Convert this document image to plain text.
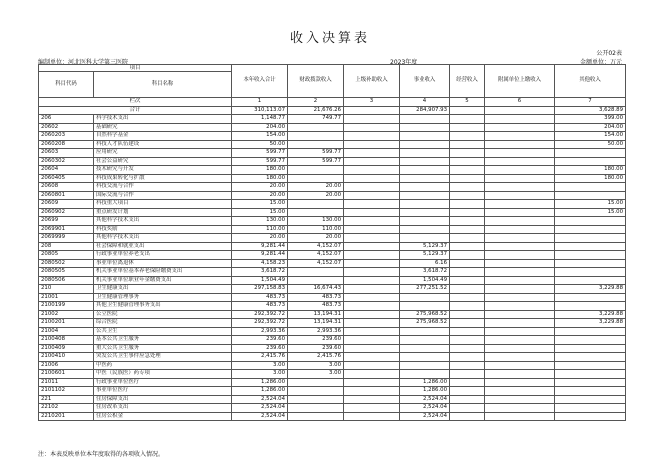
收入决算表
公开02表
编制单位：河北医科大学第三医院	2023年度	金额单位：万元
项目		本年收入合计	财政拨款收入	上级补助收入	事业收入	经营收入	附属单位上缴收入	其他收入
科目代码	科目名称							
栏次		1	2	3	4	5	6	7
合计		310,113.07	21,676.26		284,907.93			3,628.89
206	科学技术支出	1,148.77	749.77					399.00
20602	基础研究	204.00						204.00
2060203	自然科学基金	154.00						154.00
2060208	科技人才队伍建设	50.00						50.00
20603	应用研究	599.77	599.77					
2060302	社会公益研究	599.77	599.77					
20604	技术研究与开发	180.00						180.00
2060405	科技成果转化与扩散	180.00						180.00
20608	科技交流与合作	20.00	20.00					
2060801	国际交流与合作	20.00	20.00					
20609	科技重大项目	15.00						15.00
2060902	重点研发计划	15.00						15.00
20699	其他科学技术支出	130.00	130.00					
2069901	科技奖励	110.00	110.00					
2069999	其他科学技术支出	20.00	20.00					
208	社会保障和就业支出	9,281.44	4,152.07		5,129.37			
20805	行政事业单位养老支出	9,281.44	4,152.07		5,129.37			
2080502	事业单位离退休	4,158.23	4,152.07		6.16			
2080505	机关事业单位基本养老保险缴费支出	3,618.72			3,618.72			
2080506	机关事业单位职业年金缴费支出	1,504.49			1,504.49			
210	卫生健康支出	297,158.83	16,674.43		277,251.52			3,229.88
21001	卫生健康管理事务	483.73	483.73					
2100199	其他卫生健康管理事务支出	483.73	483.73					
21002	公立医院	292,392.72	13,194.31		275,968.52			3,229.88
2100201	综合医院	292,392.72	13,194.31		275,968.52			3,229.88
21004	公共卫生	2,993.36	2,993.36					
2100408	基本公共卫生服务	239.60	239.60					
2100409	重大公共卫生服务	239.60	239.60					
2100410	突发公共卫生事件应急处理	2,415.76	2,415.76					
21006	中医药	3.00	3.00					
2100601	中医（民族医）药专项	3.00	3.00					
21011	行政事业单位医疗	1,286.00			1,286.00			
2101102	事业单位医疗	1,286.00			1,286.00			
221	住房保障支出	2,524.04			2,524.04			
22102	住房改革支出	2,524.04			2,524.04			
2210201	住房公积金	2,524.04			2,524.04			
注：本表反映单位本年度取得的各项收入情况。
